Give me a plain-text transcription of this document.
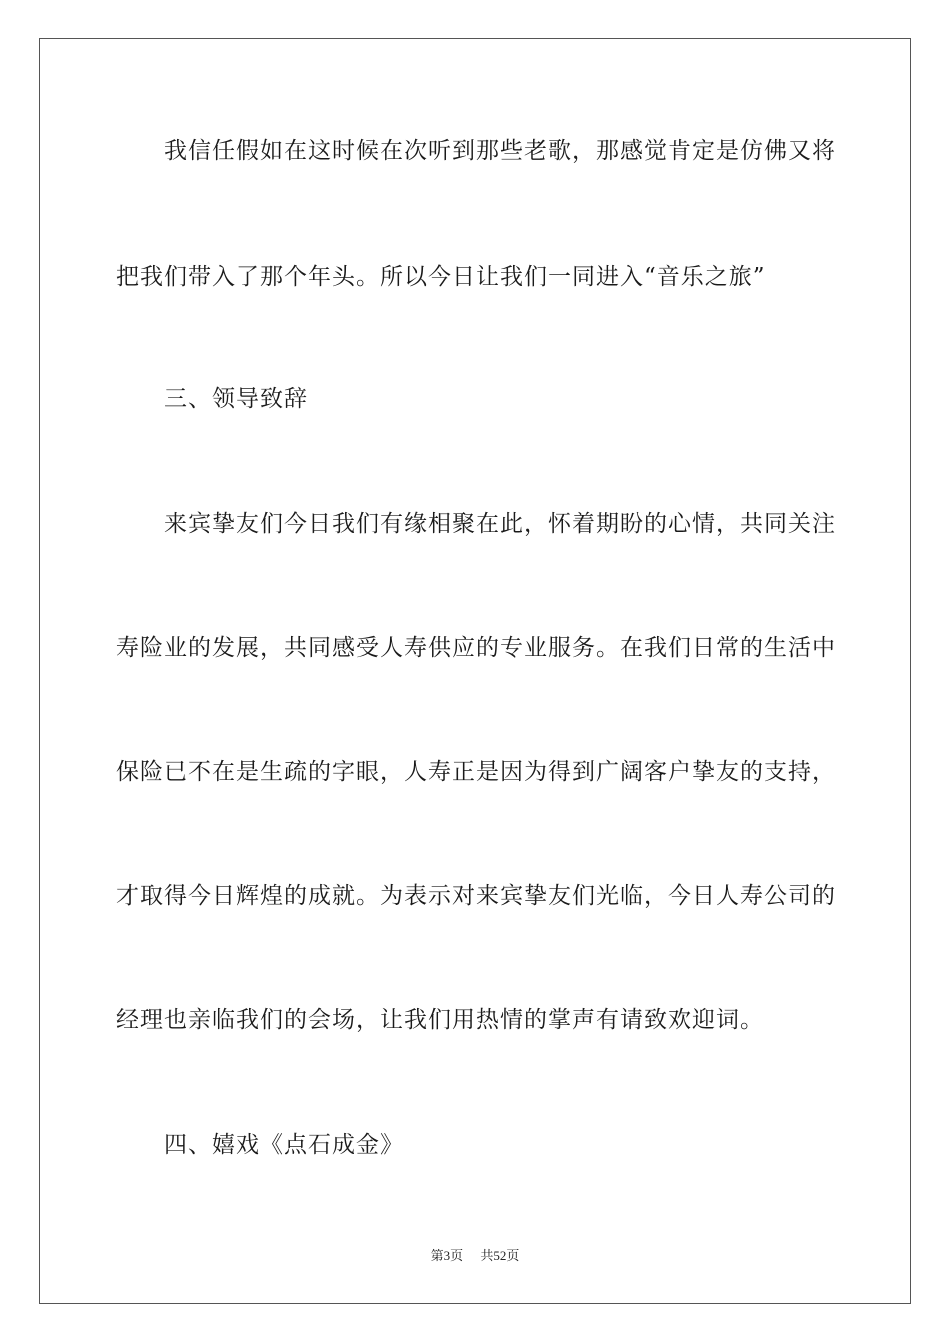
我信任假如在这时候在次听到那些老歌，那感觉肯定是仿佛又将
把我们带入了那个年头。所以今日让我们一同进入“音乐之旅”
三、领导致辞
来宾挚友们今日我们有缘相聚在此，怀着期盼的心情，共同关注
寿险业的发展，共同感受人寿供应的专业服务。在我们日常的生活中
保险已不在是生疏的字眼，人寿正是因为得到广阔客户挚友的支持，
才取得今日辉煌的成就。为表示对来宾挚友们光临，今日人寿公司的
经理也亲临我们的会场，让我们用热情的掌声有请致欢迎词。
四、嬉戏《点石成金》
第3页 共52页
